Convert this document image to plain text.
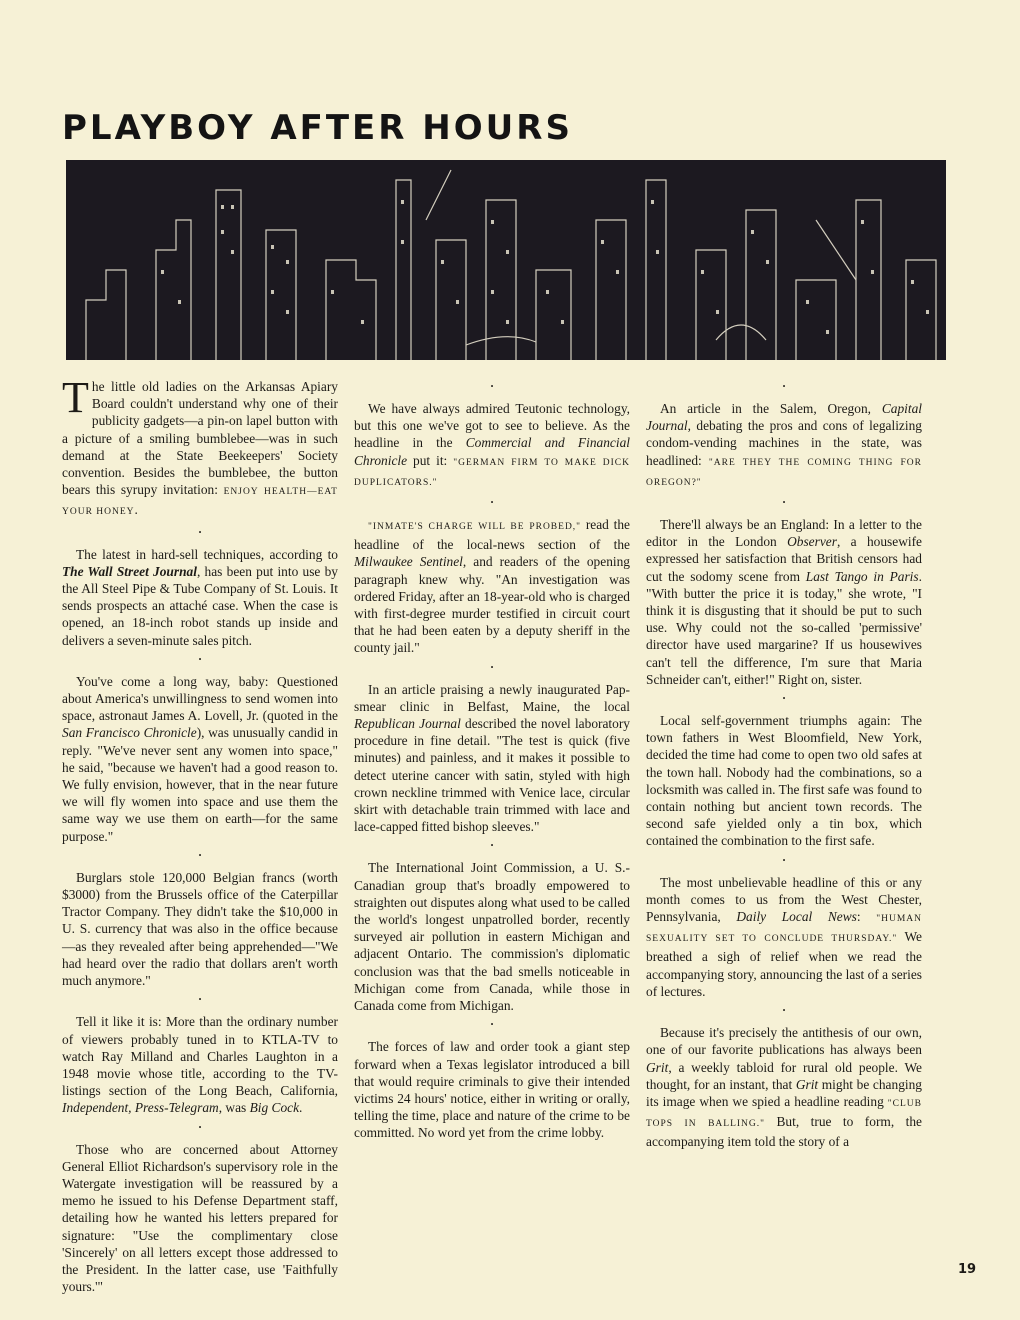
PLAYBOY AFTER HOURS

The little old ladies on the Arkansas Apiary Board couldn't understand why one of their publicity gadgets—a pin-on lapel button with a picture of a smiling bumblebee—was in such demand at the State Beekeepers' Society convention. Besides the bumblebee, the button bears this syrupy invitation: ENJOY HEALTH—EAT YOUR HONEY.

•

The latest in hard-sell techniques, according to The Wall Street Journal, has been put into use by the All Steel Pipe & Tube Company of St. Louis. It sends prospects an attaché case. When the case is opened, an 18-inch robot stands up inside and delivers a seven-minute sales pitch.

•

You've come a long way, baby: Questioned about America's unwillingness to send women into space, astronaut James A. Lovell, Jr. (quoted in the San Francisco Chronicle), was unusually candid in reply. "We've never sent any women into space," he said, "because we haven't had a good reason to. We fully envision, however, that in the near future we will fly women into space and use them the same way we use them on earth—for the same purpose."

•

Burglars stole 120,000 Belgian francs (worth $3000) from the Brussels office of the Caterpillar Tractor Company. They didn't take the $10,000 in U. S. currency that was also in the office because—as they revealed after being apprehended—"We had heard over the radio that dollars aren't worth much anymore."

•

Tell it like it is: More than the ordinary number of viewers probably tuned in to KTLA-TV to watch Ray Milland and Charles Laughton in a 1948 movie whose title, according to the TV-listings section of the Long Beach, California, Independent, Press-Telegram, was Big Cock.

•

Those who are concerned about Attorney General Elliot Richardson's supervisory role in the Watergate investigation will be reassured by a memo he issued to his Defense Department staff, detailing how he wanted his letters prepared for signature: "Use the complimentary close 'Sincerely' on all letters except those addressed to the President. In the latter case, use 'Faithfully yours.'"

•

We have always admired Teutonic technology, but this one we've got to see to believe. As the headline in the Commercial and Financial Chronicle put it: "GERMAN FIRM TO MAKE DICK DUPLICATORS."

•

"INMATE'S CHARGE WILL BE PROBED," read the headline of the local-news section of the Milwaukee Sentinel, and readers of the opening paragraph knew why. "An investigation was ordered Friday, after an 18-year-old who is charged with first-degree murder testified in circuit court that he had been eaten by a deputy sheriff in the county jail."

•

In an article praising a newly inaugurated Pap-smear clinic in Belfast, Maine, the local Republican Journal described the novel laboratory procedure in fine detail. "The test is quick (five minutes) and painless, and it makes it possible to detect uterine cancer with satin, styled with high crown neckline trimmed with Venice lace, circular skirt with detachable train trimmed with lace and lace-capped fitted bishop sleeves."

•

The International Joint Commission, a U. S.-Canadian group that's broadly empowered to straighten out disputes along what used to be called the world's longest unpatrolled border, recently surveyed air pollution in eastern Michigan and adjacent Ontario. The commission's diplomatic conclusion was that the bad smells noticeable in Michigan come from Canada, while those in Canada come from Michigan.

•

The forces of law and order took a giant step forward when a Texas legislator introduced a bill that would require criminals to give their intended victims 24 hours' notice, either in writing or orally, telling the time, place and nature of the crime to be committed. No word yet from the crime lobby.

•

An article in the Salem, Oregon, Capital Journal, debating the pros and cons of legalizing condom-vending machines in the state, was headlined: "ARE THEY THE COMING THING FOR OREGON?"

•

There'll always be an England: In a letter to the editor in the London Observer, a housewife expressed her satisfaction that British censors had cut the sodomy scene from Last Tango in Paris. "With butter the price it is today," she wrote, "I think it is disgusting that it should be put to such use. Why could not the so-called 'permissive' director have used margarine? If us housewives can't tell the difference, I'm sure that Maria Schneider can't, either!" Right on, sister.

•

Local self-government triumphs again: The town fathers in West Bloomfield, New York, decided the time had come to open two old safes at the town hall. Nobody had the combinations, so a locksmith was called in. The first safe was found to contain nothing but ancient town records. The second safe yielded only a tin box, which contained the combination to the first safe.

•

The most unbelievable headline of this or any month comes to us from the West Chester, Pennsylvania, Daily Local News: "HUMAN SEXUALITY SET TO CONCLUDE THURSDAY." We breathed a sigh of relief when we read the accompanying story, announcing the last of a series of lectures.

•

Because it's precisely the antithesis of our own, one of our favorite publications has always been Grit, a weekly tabloid for rural old people. We thought, for an instant, that Grit might be changing its image when we spied a headline reading "CLUB TOPS IN BALLING." But, true to form, the accompanying item told the story of a

19
